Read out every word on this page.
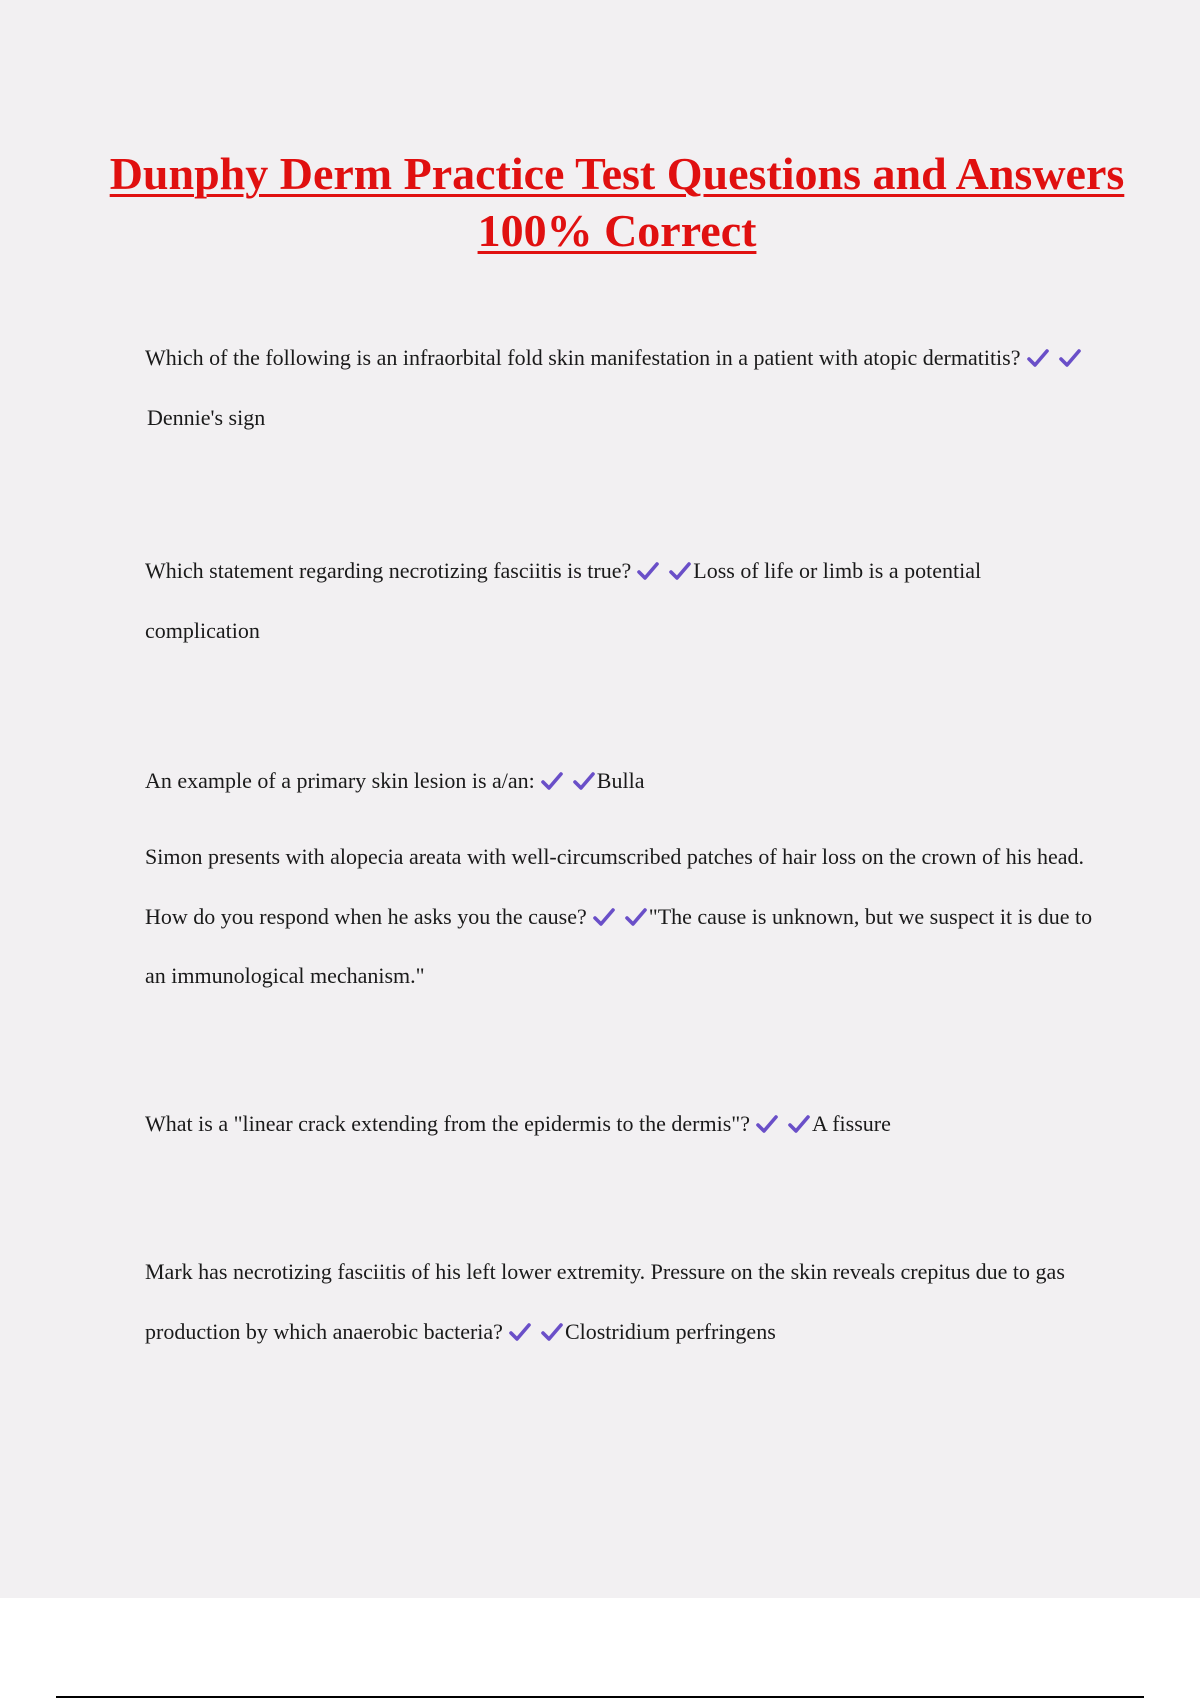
Dunphy Derm Practice Test Questions and Answers 100% Correct

Which of the following is an infraorbital fold skin manifestation in a patient with atopic dermatitis?
Dennie's sign

Which statement regarding necrotizing fasciitis is true?	Loss of life or limb is a potential complication

An example of a primary skin lesion is a/an:	Bulla

Simon presents with alopecia areata with well-circumscribed patches of hair loss on the crown of his head. How do you respond when he asks you the cause?	"The cause is unknown, but we suspect it is due to an immunological mechanism."

What is a "linear crack extending from the epidermis to the dermis"?	A fissure

Mark has necrotizing fasciitis of his left lower extremity. Pressure on the skin reveals crepitus due to gas production by which anaerobic bacteria?	Clostridium perfringens
